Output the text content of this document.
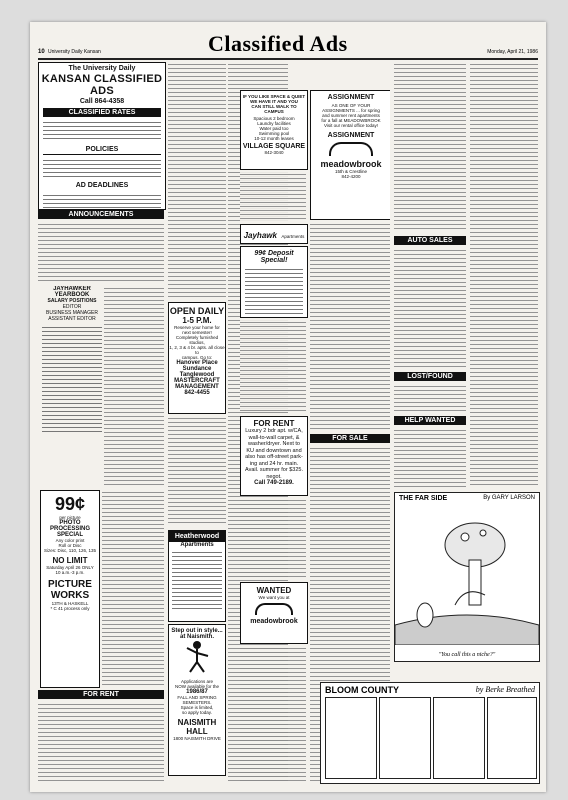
10 University Daily Kansan	Classified Ads	Monday, April 21, 1986
The University Daily
KANSAN CLASSIFIED ADS
Call 864-4358
CLASSIFIED RATES
POLICIES
AD DEADLINES
ANNOUNCEMENTS
JAYHAWKER
YEARBOOK
SALARY POSITIONS
EDITOR
BUSINESS MANAGER
ASSISTANT EDITOR
99¢
per picture
PHOTO PROCESSING
SPECIAL
Any color print
Roll or Disc
Sizes: Disc, 110, 126, 135
NO LIMIT
Saturday April 26 ONLY
10 a.m.-3 p.m.
PICTURE
WORKS
13TH & HASKELL
* C 41 process only
FOR RENT
OPEN DAILY
1-5 P.M.
Reserve your home for
next semester!
Completely furnished studios,
1, 2, 3 & 4 br. apts. all close to
campus. Go to:
Hanover Place
Sundance
Tanglewood
MASTERCRAFT
MANAGEMENT
842-4455
Heatherwood
Apartments
Step out in style...
at Naismith.
Applications are
NOW available for the
1986/87
FALL AND SPRING
SEMESTERS.
Space is limited,
so apply today.
NAISMITH
HALL
1800 NAISMITH DRIVE
IF YOU LIKE SPACE & QUIET
WE HAVE IT AND YOU
CAN STILL WALK TO CAMPUS
Spacious 2 bedroom
Laundry facilities
Water paid too
Swimming pool
10-12 month leases
VILLAGE SQUARE
842-3040
Jayhawk Apartments
99¢ Deposit Special!
FOR RENT
Luxury 2 bdr apt. w/CA,
wall-to-wall carpet, &
washer/dryer. Next to
KU and downtown and
also has off-street park-
ing and 24 hr. main.
Avail. summer for $325.
negot.
Call 749-2189.
WANTED
We want you at
meadowbrook
ASSIGNMENT
AS ONE OF YOUR
ASSIGNMENTS ... for spring
and summer rent apartments
for a fall at MEADOWBROOK
Visit our rental office today!
ASSIGNMENT
meadowbrook
15th & Crestline
842-4200
FOR SALE
AUTO SALES
LOST/FOUND
HELP WANTED
THE FAR SIDE	By GARY LARSON
"You call this a niche?"
BLOOM COUNTY	by Berke Breathed
